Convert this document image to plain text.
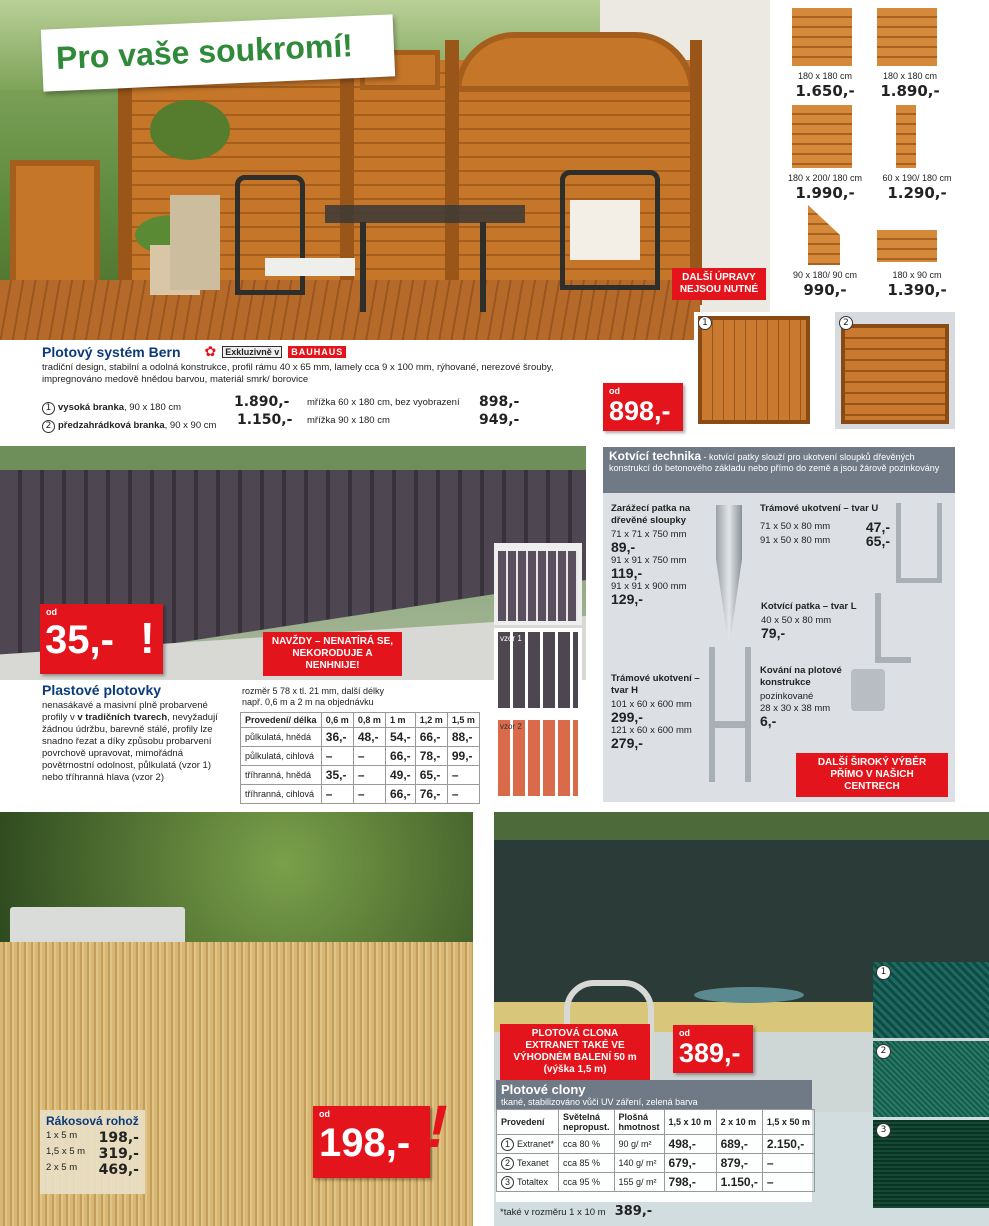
Pro vaše soukromí!	180 x 180 cm
1.650,-
180 x 180 cm
1.890,-
180 x 200/ 180 cm
1.990,-
60 x 190/ 180 cm
1.290,-
90 x 180/ 90 cm
990,-
180 x 90 cm
1.390,-
DALŠÍ ÚPRAVY NEJSOU NUTNÉ
1	2
Plotový systém Bern ✿	Exkluzivně v	BAUHAUS
tradiční design, stabilní a odolná konstrukce, profil rámu 40 x 65 mm, lamely cca 9 x 100 mm, rýhované, nerezové šrouby,
impregnováno medově hnědou barvou, materiál smrk/ borovice
1 vysoká branka, 90 x 180 cm	1.890,- mřížka 60 x 180 cm, bez vyobrazení 898,-
2 předzahrádková branka, 90 x 90 cm 1.150,- mřížka 90 x 180 cm	949,-
od
898,-
vzor 1
vzor 2
od
35,- !	NAVŽDY – NENATÍRÁ SE, NEKORODUJE A NENHNIJE!
Plastové plotovky
nenasákavé a masivní plně probarvené profily v v tradičních tvarech, nevyžadují žádnou údržbu, barevně stálé, profily lze snadno řezat a díky způsobu probarvení povrchově upravovat, mimořádná povětrnostní odolnost, půlkulatá (vzor 1) nebo tříhranná hlava (vzor 2)
rozměr 5 78 x tl. 21 mm, další délky
např. 0,6 m a 2 m na objednávku
Provedení/ délka	0,6 m	0,8 m	1 m	1,2 m	1,5 m
půlkulatá, hnědá	36,-	48,-	54,-	66,-	88,-
půlkulatá, cihlová	–	–	66,-	78,-	99,-
tříhranná, hnědá	35,-	–	49,-	65,-	–
tříhranná, cihlová	–	–	66,-	76,-	–
Kotvící technika - kotvící patky slouží pro ukotvení sloupků dřevěných konstrukcí do betonového základu nebo přímo do země a jsou žárově pozinkovány
Zarážecí patka na dřevěné sloupky
71 x 71 x 750 mm
89,-
91 x 91 x 750 mm
119,-
91 x 91 x 900 mm
129,-
Trámové ukotvení – tvar U
71 x 50 x 80 mm	47,-
91 x 50 x 80 mm	65,-
Kotvící patka – tvar L
40 x 50 x 80 mm
79,-
Trámové ukotvení – tvar H
101 x 60 x 600 mm
299,-
121 x 60 x 600 mm
279,-
Kování na plotové konstrukce
pozinkované
28 x 30 x 38 mm
6,-
DALŠÍ ŠIROKÝ VÝBĚR PŘÍMO V NAŠICH CENTRECH
Rákosová rohož
1 x 5 m 198,-
1,5 x 5 m 319,-
2 x 5 m 469,-
od
198,- !
1
2
3
PLOTOVÁ CLONA EXTRANET TAKÉ VE VÝHODNÉM BALENÍ 50 m (výška 1,5 m)
od
389,-
Plotové clony
tkané, stabilizováno vůči UV záření, zelená barva
Provedení	Světelná nepropust.	Plošná hmotnost	1,5 x 10 m	2 x 10 m	1,5 x 50 m
1 Extranet*	cca 80 %	90 g/ m²	498,-	689,-	2.150,-
2 Texanet	cca 85 %	140 g/ m²	679,-	879,-	–
3 Totaltex	cca 95 %	155 g/ m²	798,-	1.150,-	–
*také v rozměru 1 x 10 m 389,-
